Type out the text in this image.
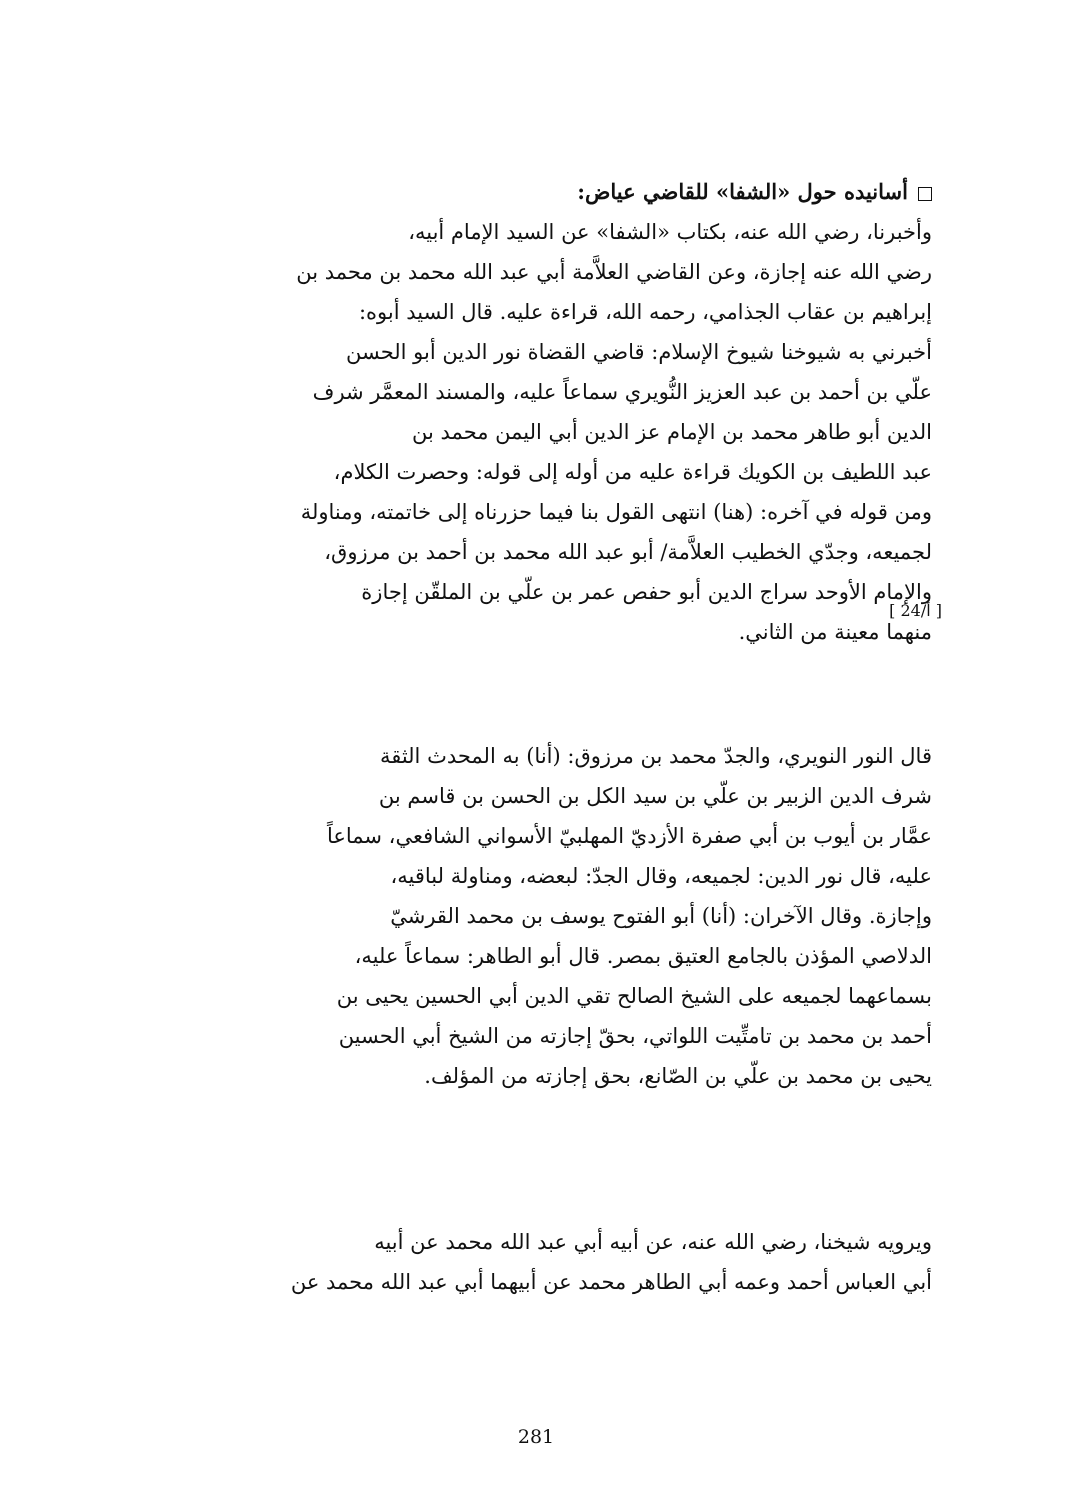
أسانيده حول «الشفا» للقاضي عياض:
وأخبرنا، رضي الله عنه، بكتاب «الشفا» عن السيد الإمام أبيه،
رضي الله عنه إجازة، وعن القاضي العلاَّمة أبي عبد الله محمد بن محمد بن
إبراهيم بن عقاب الجذامي، رحمه الله، قراءة عليه. قال السيد أبوه:
أخبرني به شيوخنا شيوخ الإسلام: قاضي القضاة نور الدين أبو الحسن
علّي بن أحمد بن عبد العزيز النُّويري سماعاً عليه، والمسند المعمَّر شرف
الدين أبو طاهر محمد بن الإمام عز الدين أبي اليمن محمد بن
عبد اللطيف بن الكويك قراءة عليه من أوله إلى قوله: وحصرت الكلام،
ومن قوله في آخره: (هنا) انتهى القول بنا فيما حزرناه إلى خاتمته، ومناولة
لجميعه، وجدّي الخطيب العلاَّمة/ أبو عبد الله محمد بن أحمد بن مرزوق،
والإمام الأوحد سراج الدين أبو حفص عمر بن علّي بن الملقّن إجازة
منهما معينة من الثاني.
[ 24/أ ]
قال النور النويري، والجدّ محمد بن مرزوق: (أنا) به المحدث الثقة
شرف الدين الزبير بن علّي بن سيد الكل بن الحسن بن قاسم بن
عمَّار بن أيوب بن أبي صفرة الأزديّ المهلبيّ الأسواني الشافعي، سماعاً
عليه، قال نور الدين: لجميعه، وقال الجدّ: لبعضه، ومناولة لباقيه،
وإجازة. وقال الآخران: (أنا) أبو الفتوح يوسف بن محمد القرشيّ
الدلاصي المؤذن بالجامع العتيق بمصر. قال أبو الطاهر: سماعاً عليه،
بسماعهما لجميعه على الشيخ الصالح تقي الدين أبي الحسين يحيى بن
أحمد بن محمد بن تامتِّيت اللواتي، بحقّ إجازته من الشيخ أبي الحسين
يحيى بن محمد بن علّي بن الصّانع، بحق إجازته من المؤلف.
ويرويه شيخنا، رضي الله عنه، عن أبيه أبي عبد الله محمد عن أبيه
أبي العباس أحمد وعمه أبي الطاهر محمد عن أبيهما أبي عبد الله محمد عن
281
